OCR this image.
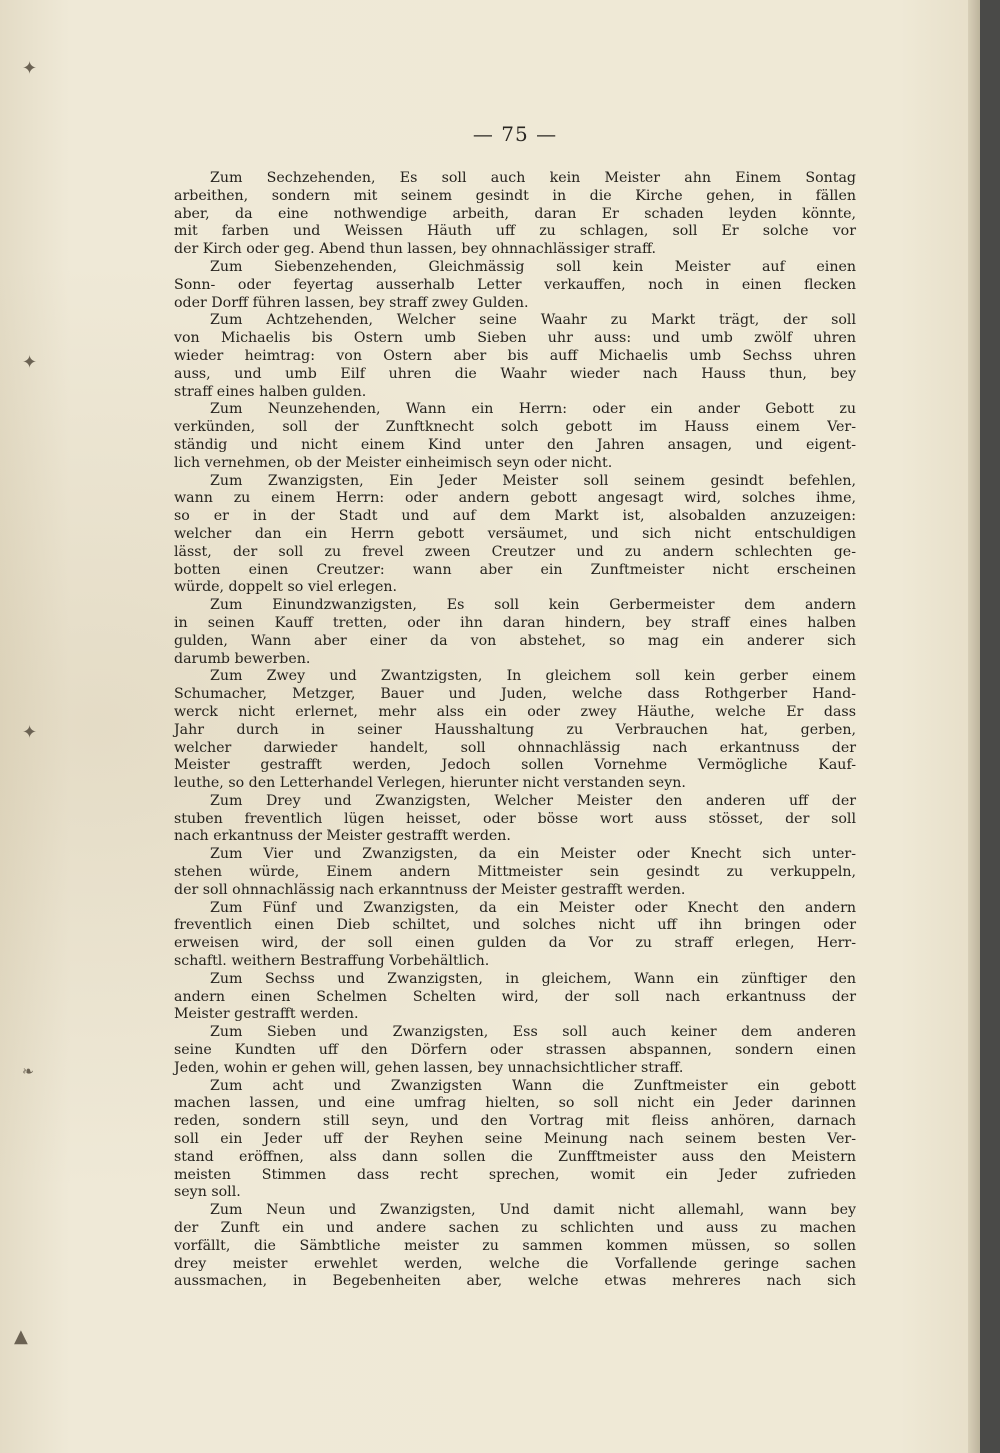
✦
✦
✦
❧
▲
— 75 —
Zum Sechzehenden, Es soll auch kein Meister ahn Einem Sontag
arbeithen, sondern mit seinem gesindt in die Kirche gehen, in fällen
aber, da eine nothwendige arbeith, daran Er schaden leyden könnte,
mit farben und Weissen Häuth uff zu schlagen, soll Er solche vor
der Kirch oder geg. Abend thun lassen, bey ohnnachlässiger straff.
Zum Siebenzehenden, Gleichmässig soll kein Meister auf einen
Sonn- oder feyertag ausserhalb Letter verkauffen, noch in einen flecken
oder Dorff führen lassen, bey straff zwey Gulden.
Zum Achtzehenden, Welcher seine Waahr zu Markt trägt, der soll
von Michaelis bis Ostern umb Sieben uhr auss: und umb zwölf uhren
wieder heimtrag: von Ostern aber bis auff Michaelis umb Sechss uhren
auss, und umb Eilf uhren die Waahr wieder nach Hauss thun, bey
straff eines halben gulden.
Zum Neunzehenden, Wann ein Herrn: oder ein ander Gebott zu
verkünden, soll der Zunftknecht solch gebott im Hauss einem Ver-
ständig und nicht einem Kind unter den Jahren ansagen, und eigent-
lich vernehmen, ob der Meister einheimisch seyn oder nicht.
Zum Zwanzigsten, Ein Jeder Meister soll seinem gesindt befehlen,
wann zu einem Herrn: oder andern gebott angesagt wird, solches ihme,
so er in der Stadt und auf dem Markt ist, alsobalden anzuzeigen:
welcher dan ein Herrn gebott versäumet, und sich nicht entschuldigen
lässt, der soll zu frevel zween Creutzer und zu andern schlechten ge-
botten einen Creutzer: wann aber ein Zunftmeister nicht erscheinen
würde, doppelt so viel erlegen.
Zum Einundzwanzigsten, Es soll kein Gerbermeister dem andern
in seinen Kauff tretten, oder ihn daran hindern, bey straff eines halben
gulden, Wann aber einer da von abstehet, so mag ein anderer sich
darumb bewerben.
Zum Zwey und Zwantzigsten, In gleichem soll kein gerber einem
Schumacher, Metzger, Bauer und Juden, welche dass Rothgerber Hand-
werck nicht erlernet, mehr alss ein oder zwey Häuthe, welche Er dass
Jahr durch in seiner Hausshaltung zu Verbrauchen hat, gerben,
welcher darwieder handelt, soll ohnnachlässig nach erkantnuss der
Meister gestrafft werden, Jedoch sollen Vornehme Vermögliche Kauf-
leuthe, so den Letterhandel Verlegen, hierunter nicht verstanden seyn.
Zum Drey und Zwanzigsten, Welcher Meister den anderen uff der
stuben freventlich lügen heisset, oder bösse wort auss stösset, der soll
nach erkantnuss der Meister gestrafft werden.
Zum Vier und Zwanzigsten, da ein Meister oder Knecht sich unter-
stehen würde, Einem andern Mittmeister sein gesindt zu verkuppeln,
der soll ohnnachlässig nach erkanntnuss der Meister gestrafft werden.
Zum Fünf und Zwanzigsten, da ein Meister oder Knecht den andern
freventlich einen Dieb schiltet, und solches nicht uff ihn bringen oder
erweisen wird, der soll einen gulden da Vor zu straff erlegen, Herr-
schaftl. weithern Bestraffung Vorbehältlich.
Zum Sechss und Zwanzigsten, in gleichem, Wann ein zünftiger den
andern einen Schelmen Schelten wird, der soll nach erkantnuss der
Meister gestrafft werden.
Zum Sieben und Zwanzigsten, Ess soll auch keiner dem anderen
seine Kundten uff den Dörfern oder strassen abspannen, sondern einen
Jeden, wohin er gehen will, gehen lassen, bey unnachsichtlicher straff.
Zum acht und Zwanzigsten Wann die Zunftmeister ein gebott
machen lassen, und eine umfrag hielten, so soll nicht ein Jeder darinnen
reden, sondern still seyn, und den Vortrag mit fleiss anhören, darnach
soll ein Jeder uff der Reyhen seine Meinung nach seinem besten Ver-
stand eröffnen, alss dann sollen die Zunfftmeister auss den Meistern
meisten Stimmen dass recht sprechen, womit ein Jeder zufrieden
seyn soll.
Zum Neun und Zwanzigsten, Und damit nicht allemahl, wann bey
der Zunft ein und andere sachen zu schlichten und auss zu machen
vorfällt, die Sämbtliche meister zu sammen kommen müssen, so sollen
drey meister erwehlet werden, welche die Vorfallende geringe sachen
aussmachen, in Begebenheiten aber, welche etwas mehreres nach sich
